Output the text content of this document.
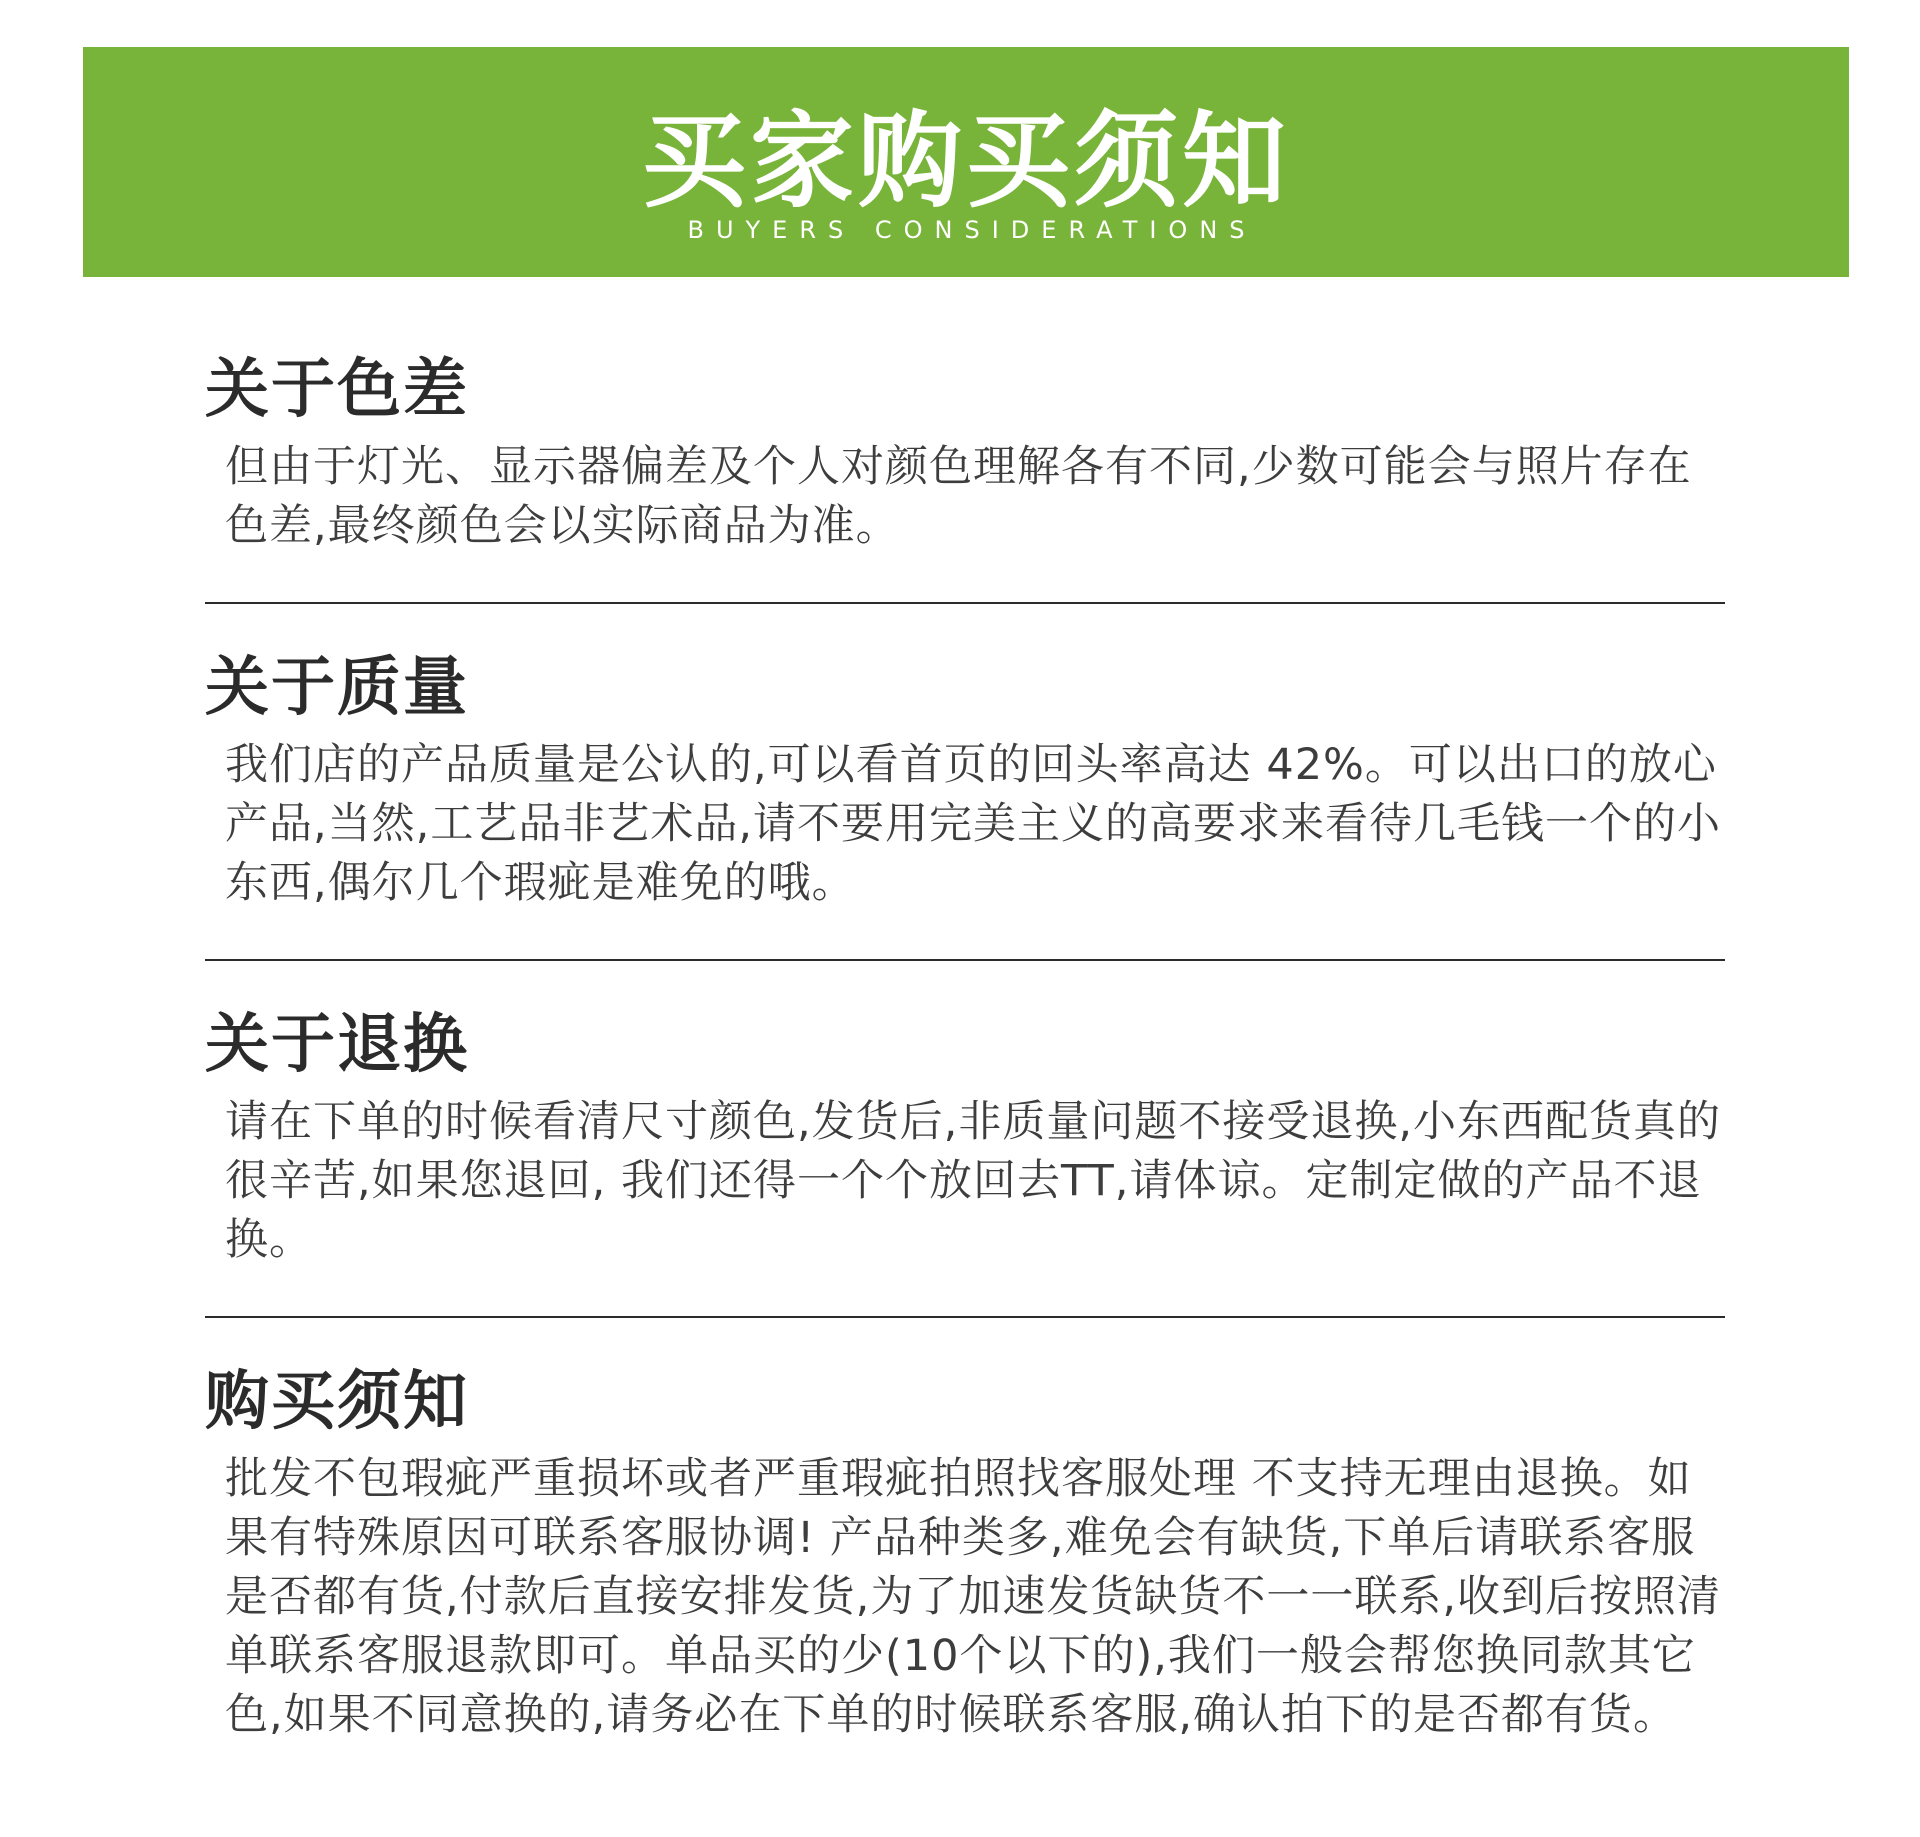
买家购买须知
BUYERS CONSIDERATIONS
关于色差

但由于灯光、显示器偏差及个人对颜色理解各有不同,少数可能会与照片存在色差,最终颜色会以实际商品为准。

关于质量

我们店的产品质量是公认的,可以看首页的回头率高达 42%。可以出口的放心产品,当然,工艺品非艺术品,请不要用完美主义的高要求来看待几毛钱一个的小东西,偶尔几个瑕疵是难免的哦。

关于退换

请在下单的时候看清尺寸颜色,发货后,非质量问题不接受退换,小东西配货真的很辛苦,如果您退回, 我们还得一个个放回去TT,请体谅。定制定做的产品不退换。

购买须知

批发不包瑕疵严重损坏或者严重瑕疵拍照找客服处理 不支持无理由退换。如果有特殊原因可联系客服协调! 产品种类多,难免会有缺货,下单后请联系客服是否都有货,付款后直接安排发货,为了加速发货缺货不一一联系,收到后按照清单联系客服退款即可。单品买的少(10个以下的),我们一般会帮您换同款其它色,如果不同意换的,请务必在下单的时候联系客服,确认拍下的是否都有货。
